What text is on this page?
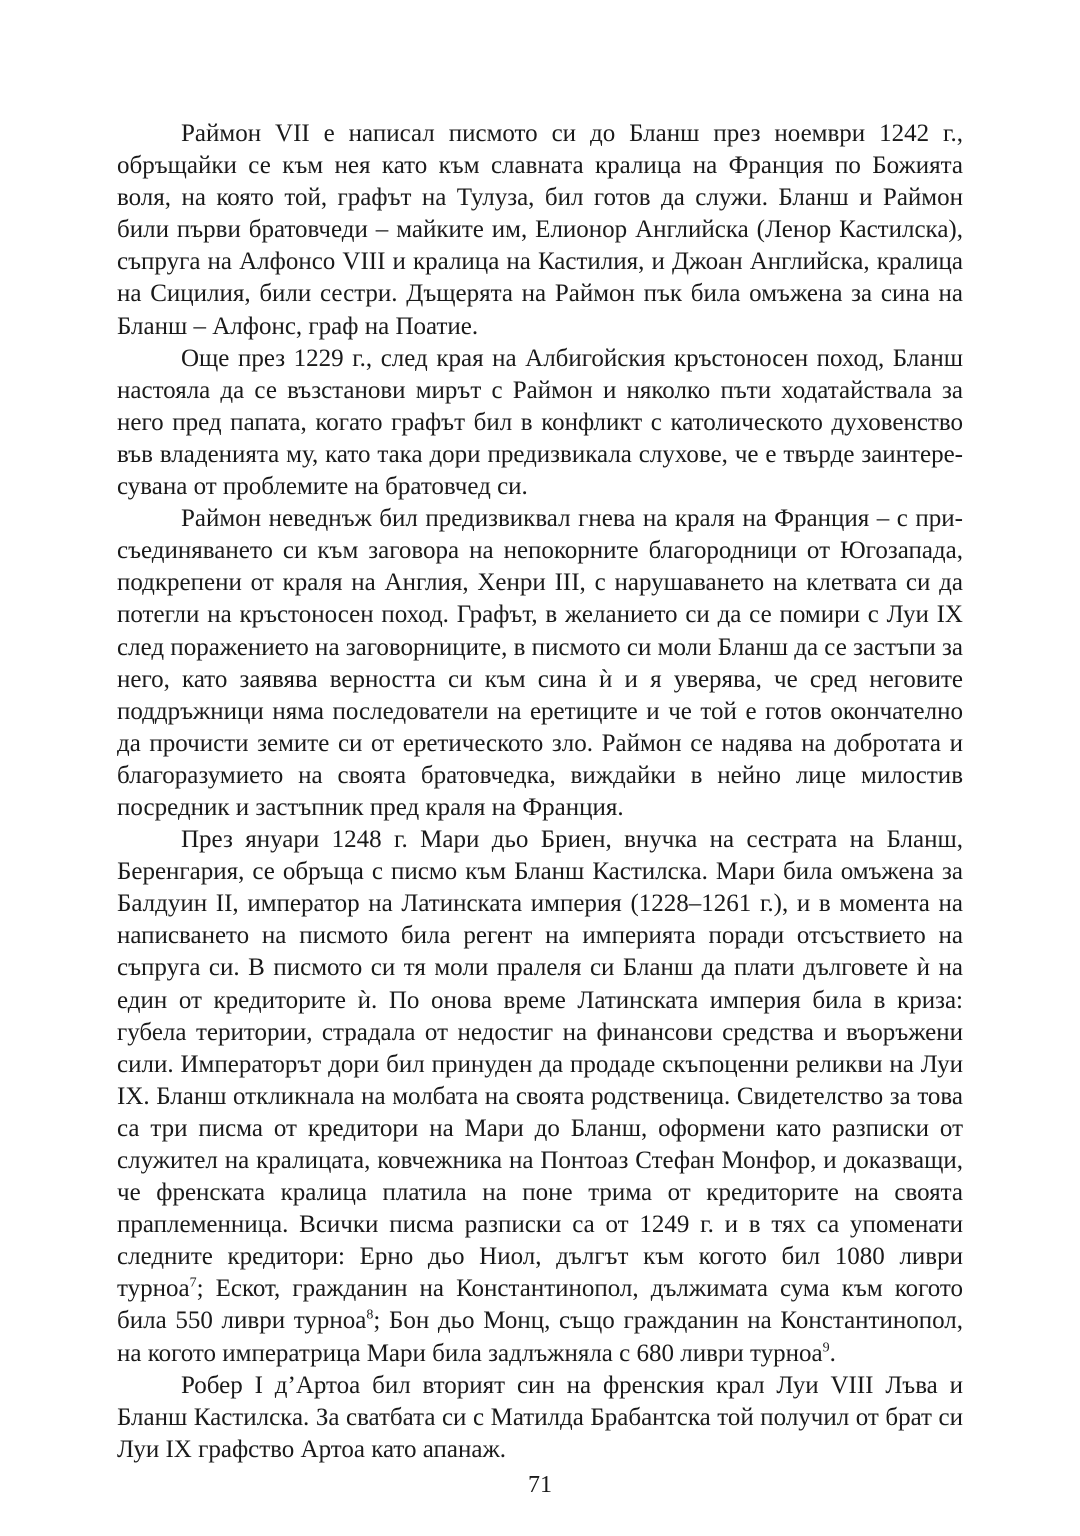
Раймон VII е написал писмото си до Бланш през ноември 1242 г., обръщайки се към нея като към славната кралица на Франция по Божията воля, на която той, графът на Тулуза, бил готов да служи. Бланш и Раймон били първи братовчеди – майките им, Елионор Английска (Ленор Кастилска), съпруга на Алфонсо VIII и кралица на Кастилия, и Джоан Английска, кралица на Сицилия, били сестри. Дъщерята на Раймон пък била омъжена за сина на Бланш – Алфонс, граф на Поатие.

Още през 1229 г., след края на Албигойския кръстоносен поход, Бланш настояла да се възстанови мирът с Раймон и няколко пъти ходатайствала за него пред папата, когато графът бил в конфликт с католическото духовенство във владенията му, като така дори предизвикала слухове, че е твърде заинтересувана от проблемите на братовчед си.

Раймон неведнъж бил предизвиквал гнева на краля на Франция – с присъединяването си към заговора на непокорните благородници от Югозапада, подкрепени от краля на Англия, Хенри III, с нарушаването на клетвата си да потегли на кръстоносен поход. Графът, в желанието си да се помири с Луи IX след поражението на заговорниците, в писмото си моли Бланш да се застъпи за него, като заявява верността си към сина ѝ и я уверява, че сред неговите поддръжници няма последователи на еретиците и че той е готов окончателно да прочисти земите си от еретическото зло. Раймон се надява на добротата и благоразумието на своята братовчедка, виждайки в нейно лице милостив посредник и застъпник пред краля на Франция.

През януари 1248 г. Мари дьо Бриен, внучка на сестрата на Бланш, Беренгария, се обръща с писмо към Бланш Кастилска. Мари била омъжена за Балдуин II, император на Латинската империя (1228–1261 г.), и в момента на написването на писмото била регент на империята поради отсъствието на съпруга си. В писмото си тя моли пралеля си Бланш да плати дълговете ѝ на един от кредиторите ѝ. По онова време Латинската империя била в криза: губела територии, страдала от недостиг на финансови средства и въоръжени сили. Императорът дори бил принуден да продаде скъпоценни реликви на Луи IX. Бланш откликнала на молбата на своята родственица. Свидетелство за това са три писма от кредитори на Мари до Бланш, оформени като разписки от служител на кралицата, ковчежника на Понтоаз Стефан Монфор, и доказващи, че френската кралица платила на поне трима от кредиторите на своята праплеменница. Всички писма разписки са от 1249 г. и в тях са упоменати следните кредитори: Ерно дьо Ниол, дългът към когото бил 1080 ливри турноа$^7$; Ескот, гражданин на Константинопол, дължимата сума към когото била 550 ливри турноа$^8$; Бон дьо Монц, също гражданин на Константинопол, на когото императрица Мари била задлъжняла с 680 ливри турноа$^9$.

Робер I д’Артоа бил вторият син на френския крал Луи VIII Лъва и Бланш Кастилска. За сватбата си с Матилда Брабантска той получил от брат си Луи IX графство Артоа като апанаж.

71
